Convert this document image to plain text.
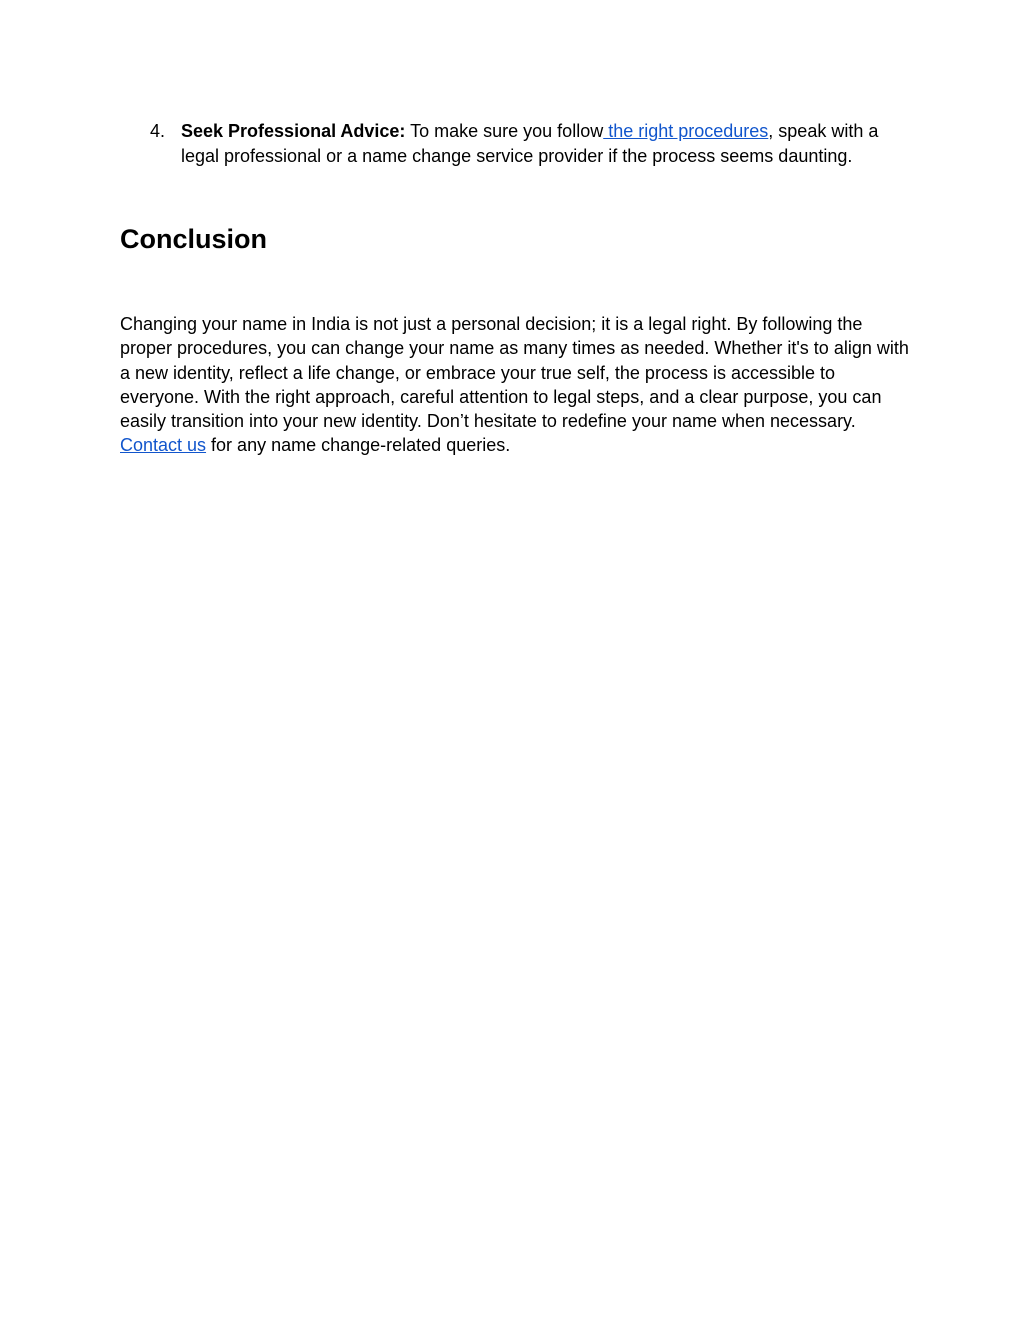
4. Seek Professional Advice: To make sure you follow the right procedures, speak with a legal professional or a name change service provider if the process seems daunting.
Conclusion

Changing your name in India is not just a personal decision; it is a legal right. By following the proper procedures, you can change your name as many times as needed. Whether it's to align with a new identity, reflect a life change, or embrace your true self, the process is accessible to everyone. With the right approach, careful attention to legal steps, and a clear purpose, you can easily transition into your new identity. Don’t hesitate to redefine your name when necessary. Contact us for any name change-related queries.
